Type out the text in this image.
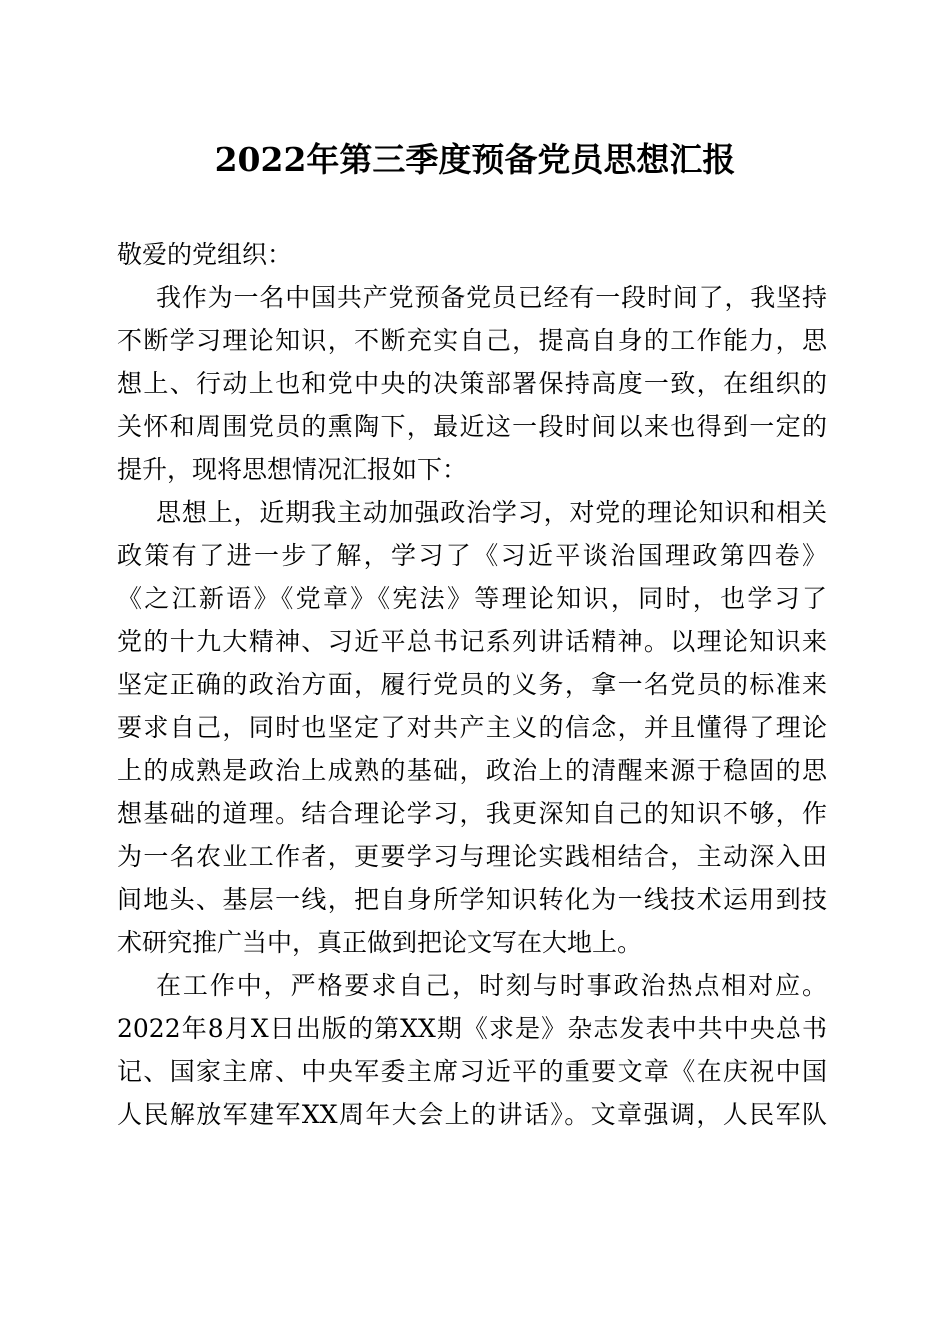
2022年第三季度预备党员思想汇报
敬爱的党组织：
我作为一名中国共产党预备党员已经有一段时间了，我坚持
不断学习理论知识，不断充实自己，提高自身的工作能力，思
想上、行动上也和党中央的决策部署保持高度一致，在组织的
关怀和周围党员的熏陶下，最近这一段时间以来也得到一定的
提升，现将思想情况汇报如下：
思想上，近期我主动加强政治学习，对党的理论知识和相关
政策有了进一步了解，学习了《习近平谈治国理政第四卷》
《之江新语》《党章》《宪法》等理论知识，同时，也学习了
党的十九大精神、习近平总书记系列讲话精神。以理论知识来
坚定正确的政治方面，履行党员的义务，拿一名党员的标准来
要求自己，同时也坚定了对共产主义的信念，并且懂得了理论
上的成熟是政治上成熟的基础，政治上的清醒来源于稳固的思
想基础的道理。结合理论学习，我更深知自己的知识不够，作
为一名农业工作者，更要学习与理论实践相结合，主动深入田
间地头、基层一线，把自身所学知识转化为一线技术运用到技
术研究推广当中，真正做到把论文写在大地上。
在工作中，严格要求自己，时刻与时事政治热点相对应。
2022年8月X日出版的第XX期《求是》杂志发表中共中央总书
记、国家主席、中央军委主席习近平的重要文章《在庆祝中国
人民解放军建军XX周年大会上的讲话》。文章强调，人民军队
